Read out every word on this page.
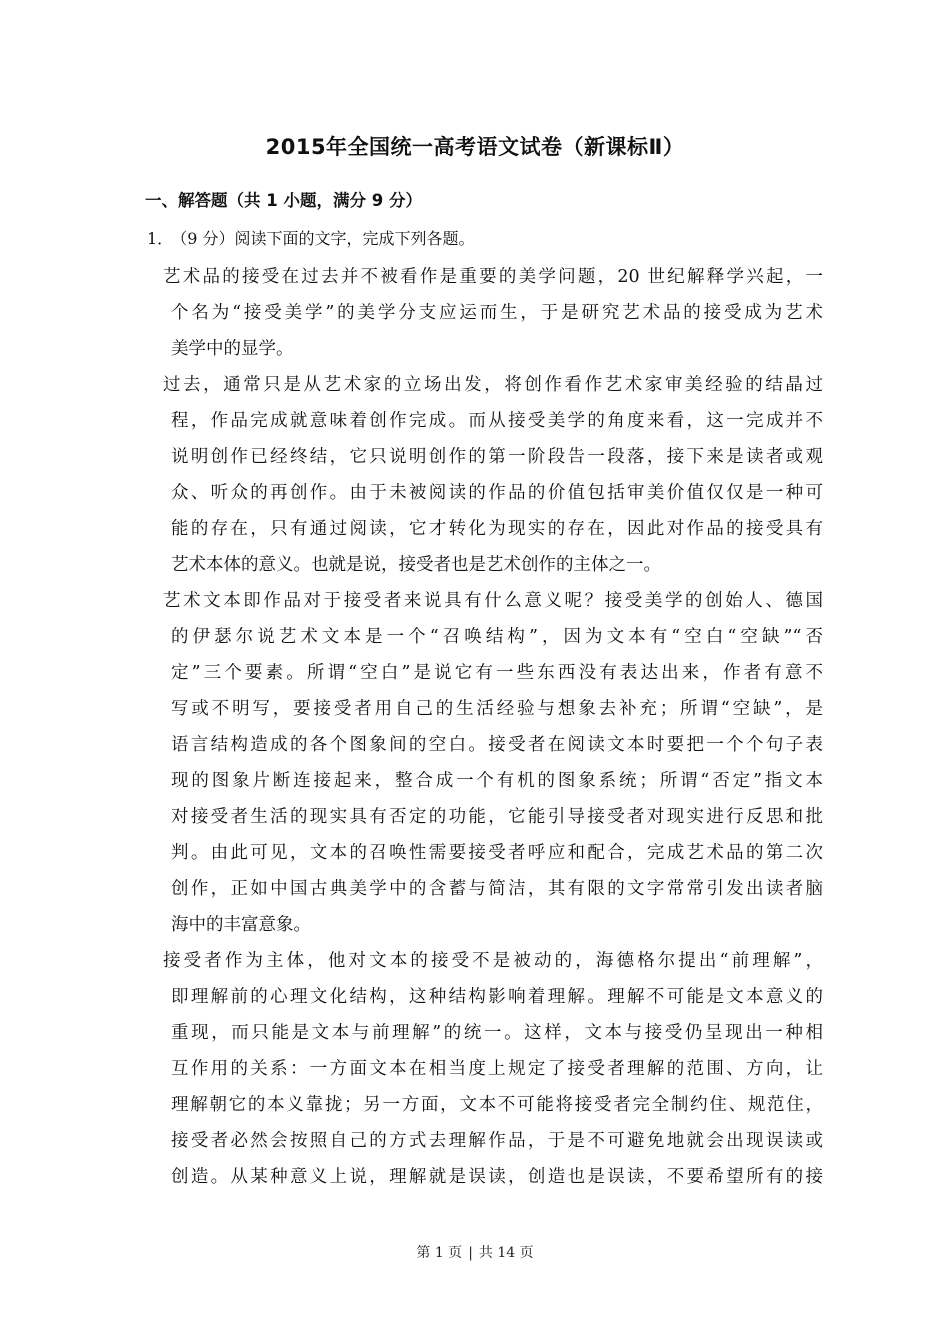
2015年全国统一高考语文试卷（新课标Ⅱ）
一、解答题（共 1 小题，满分 9 分）
1． （9 分）阅读下面的文字，完成下列各题。
艺术品的接受在过去并不被看作是重要的美学问题，20 世纪解释学兴起，一
个名为“接受美学”的美学分支应运而生，于是研究艺术品的接受成为艺术
美学中的显学。
过去，通常只是从艺术家的立场出发，将创作看作艺术家审美经验的结晶过
程，作品完成就意味着创作完成。而从接受美学的角度来看，这一完成并不
说明创作已经终结，它只说明创作的第一阶段告一段落，接下来是读者或观
众、听众的再创作。由于未被阅读的作品的价值包括审美价值仅仅是一种可
能的存在，只有通过阅读，它才转化为现实的存在，因此对作品的接受具有
艺术本体的意义。也就是说，接受者也是艺术创作的主体之一。
艺术文本即作品对于接受者来说具有什么意义呢？接受美学的创始人、德国
的伊瑟尔说艺术文本是一个“召唤结构”，因为文本有“空白“空缺”“否
定”三个要素。所谓“空白”是说它有一些东西没有表达出来，作者有意不
写或不明写，要接受者用自己的生活经验与想象去补充；所谓“空缺”，是
语言结构造成的各个图象间的空白。接受者在阅读文本时要把一个个句子表
现的图象片断连接起来，整合成一个有机的图象系统；所谓“否定”指文本
对接受者生活的现实具有否定的功能，它能引导接受者对现实进行反思和批
判。由此可见，文本的召唤性需要接受者呼应和配合，完成艺术品的第二次
创作，正如中国古典美学中的含蓄与简洁，其有限的文字常常引发出读者脑
海中的丰富意象。
接受者作为主体，他对文本的接受不是被动的，海德格尔提出“前理解”，
即理解前的心理文化结构，这种结构影响着理解。理解不可能是文本意义的
重现，而只能是文本与前理解”的统一。这样，文本与接受仍呈现出一种相
互作用的关系：一方面文本在相当度上规定了接受者理解的范围、方向，让
理解朝它的本义靠拢；另一方面，文本不可能将接受者完全制约住、规范住，
接受者必然会按照自己的方式去理解作品，于是不可避免地就会出现误读或
创造。从某种意义上说，理解就是误读，创造也是误读，不要希望所有的接
第 1 页 | 共 14 页
